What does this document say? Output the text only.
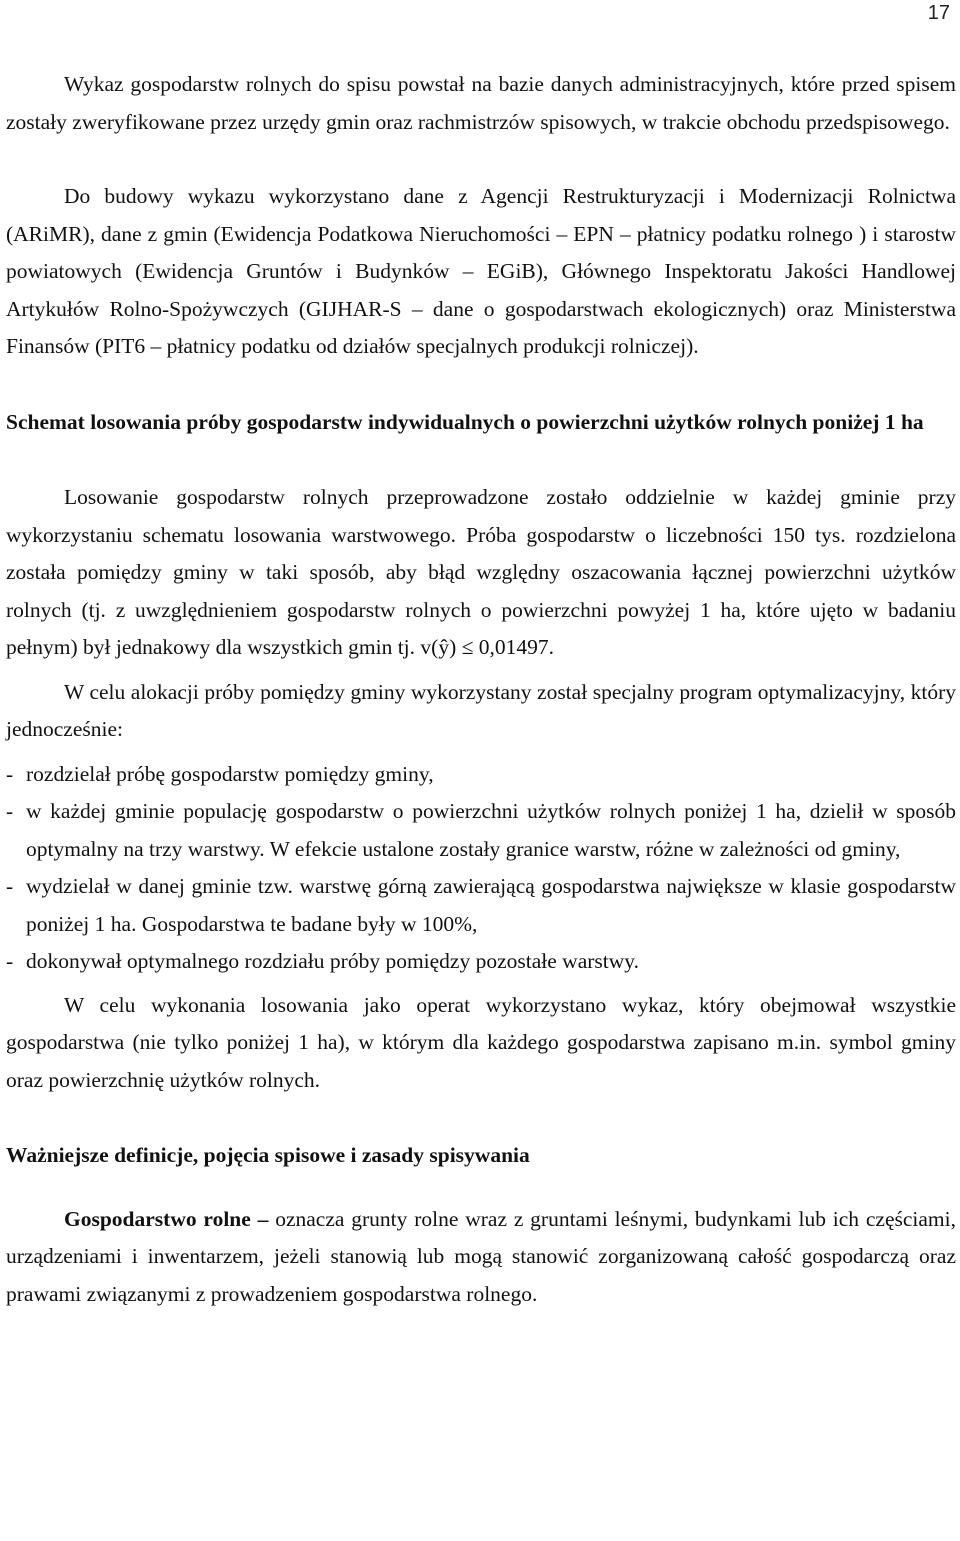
17

Wykaz gospodarstw rolnych do spisu powstał na bazie danych administracyjnych, które przed spisem zostały zweryfikowane przez urzędy gmin oraz rachmistrzów spisowych, w trakcie obchodu przedspisowego.

Do budowy wykazu wykorzystano dane z Agencji Restrukturyzacji i Modernizacji Rolnictwa (ARiMR), dane z gmin (Ewidencja Podatkowa Nieruchomości – EPN – płatnicy podatku rolnego ) i starostw powiatowych (Ewidencja Gruntów i Budynków – EGiB), Głównego Inspektoratu Jakości Handlowej Artykułów Rolno-Spożywczych (GIJHAR-S – dane o gospodarstwach ekologicznych) oraz Ministerstwa Finansów (PIT6 – płatnicy podatku od działów specjalnych produkcji rolniczej).

Schemat losowania próby gospodarstw indywidualnych o powierzchni użytków rolnych poniżej 1 ha

Losowanie gospodarstw rolnych przeprowadzone zostało oddzielnie w każdej gminie przy wykorzystaniu schematu losowania warstwowego. Próba gospodarstw o liczebności 150 tys. rozdzielona została pomiędzy gminy w taki sposób, aby błąd względny oszacowania łącznej powierzchni użytków rolnych (tj. z uwzględnieniem gospodarstw rolnych o powierzchni powyżej 1 ha, które ujęto w badaniu pełnym) był jednakowy dla wszystkich gmin tj. v(ŷ) ≤ 0,01497.

W celu alokacji próby pomiędzy gminy wykorzystany został specjalny program optymalizacyjny, który jednocześnie:

- rozdzielał próbę gospodarstw pomiędzy gminy,
- w każdej gminie populację gospodarstw o powierzchni użytków rolnych poniżej 1 ha, dzielił w sposób optymalny na trzy warstwy. W efekcie ustalone zostały granice warstw, różne w zależności od gminy,
- wydzielał w danej gminie tzw. warstwę górną zawierającą gospodarstwa największe w klasie gospodarstw poniżej 1 ha. Gospodarstwa te badane były w 100%,
- dokonywał optymalnego rozdziału próby pomiędzy pozostałe warstwy.

W celu wykonania losowania jako operat wykorzystano wykaz, który obejmował wszystkie gospodarstwa (nie tylko poniżej 1 ha), w którym dla każdego gospodarstwa zapisano m.in. symbol gminy oraz powierzchnię użytków rolnych.

Ważniejsze definicje, pojęcia spisowe i zasady spisywania

Gospodarstwo rolne – oznacza grunty rolne wraz z gruntami leśnymi, budynkami lub ich częściami, urządzeniami i inwentarzem, jeżeli stanowią lub mogą stanowić zorganizowaną całość gospodarczą oraz prawami związanymi z prowadzeniem gospodarstwa rolnego.
